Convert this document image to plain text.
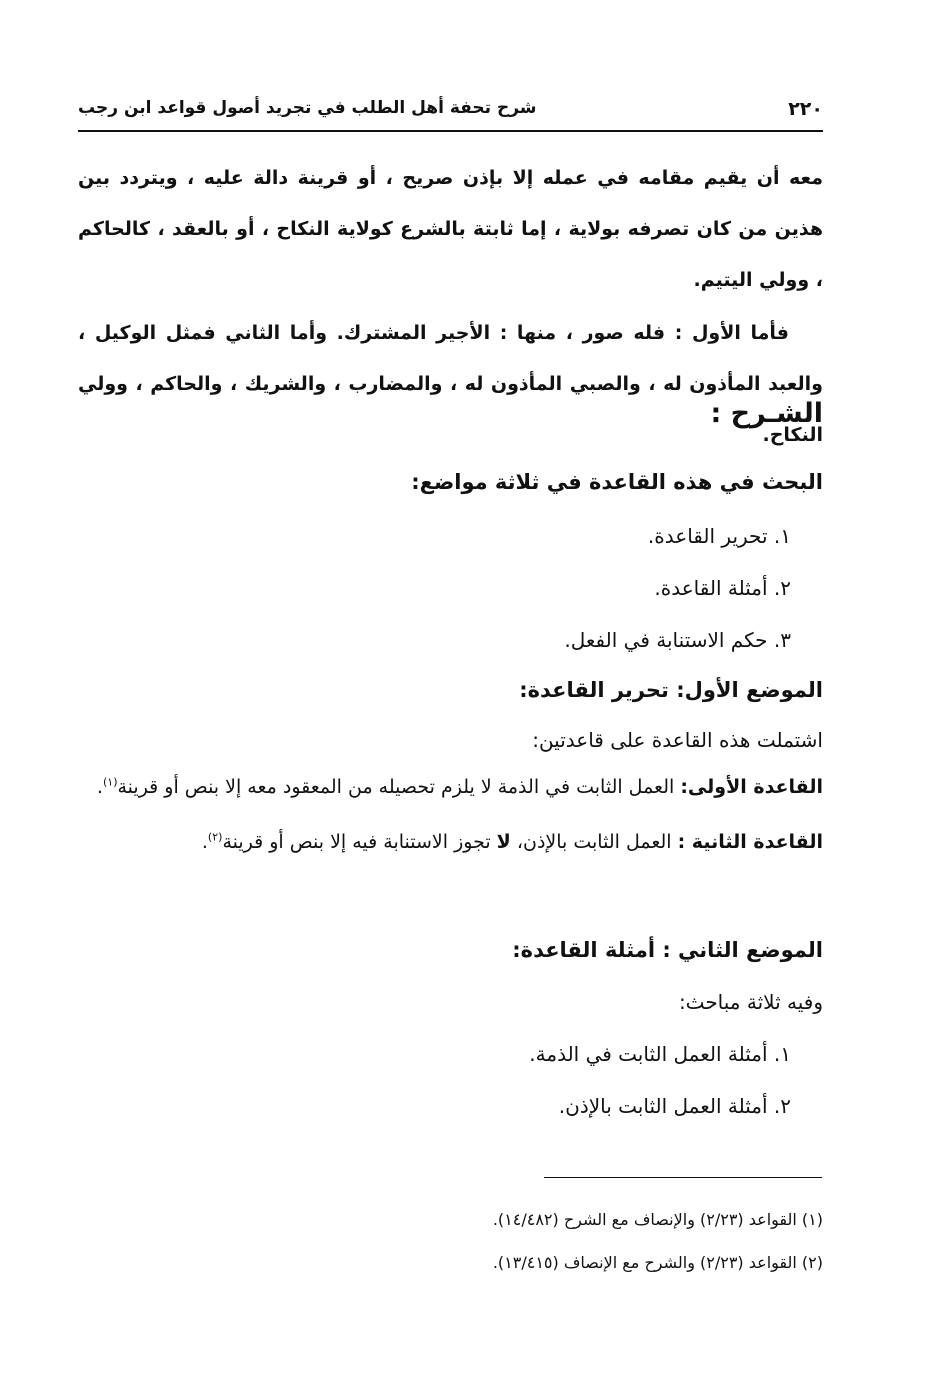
٢٢٠
شرح تحفة أهل الطلب في تجريد أصول قواعد ابن رجب
معه أن يقيم مقامه في عمله إلا بإذن صريح ، أو قرينة دالة عليه ، ويتردد بين هذين من كان تصرفه بولاية ، إما ثابتة بالشرع كولاية النكاح ، أو بالعقد ، كالحاكم ، وولي اليتيم.
فأما الأول : فله صور ، منها : الأجير المشترك. وأما الثاني فمثل الوكيل ، والعبد المأذون له ، والصبي المأذون له ، والمضارب ، والشريك ، والحاكم ، وولي النكاح.
الشـرح :
البحث في هذه القاعدة في ثلاثة مواضع:
١. تحرير القاعدة.
٢. أمثلة القاعدة.
٣. حكم الاستنابة في الفعل.
الموضع الأول: تحرير القاعدة:
اشتملت هذه القاعدة على قاعدتين:
القاعدة الأولى: العمل الثابت في الذمة لا يلزم تحصيله من المعقود معه إلا بنص أو قرينة$^{(١)}$.
القاعدة الثانية : العمل الثابت بالإذن، لا تجوز الاستنابة فيه إلا بنص أو قرينة$^{(٢)}$.
الموضع الثاني : أمثلة القاعدة:
وفيه ثلاثة مباحث:
١. أمثلة العمل الثابت في الذمة.
٢. أمثلة العمل الثابت بالإذن.
(١) القواعد (٢/٢٣) والإنصاف مع الشرح (١٤/٤٨٢).
(٢) القواعد (٢/٢٣) والشرح مع الإنصاف (١٣/٤١٥).
